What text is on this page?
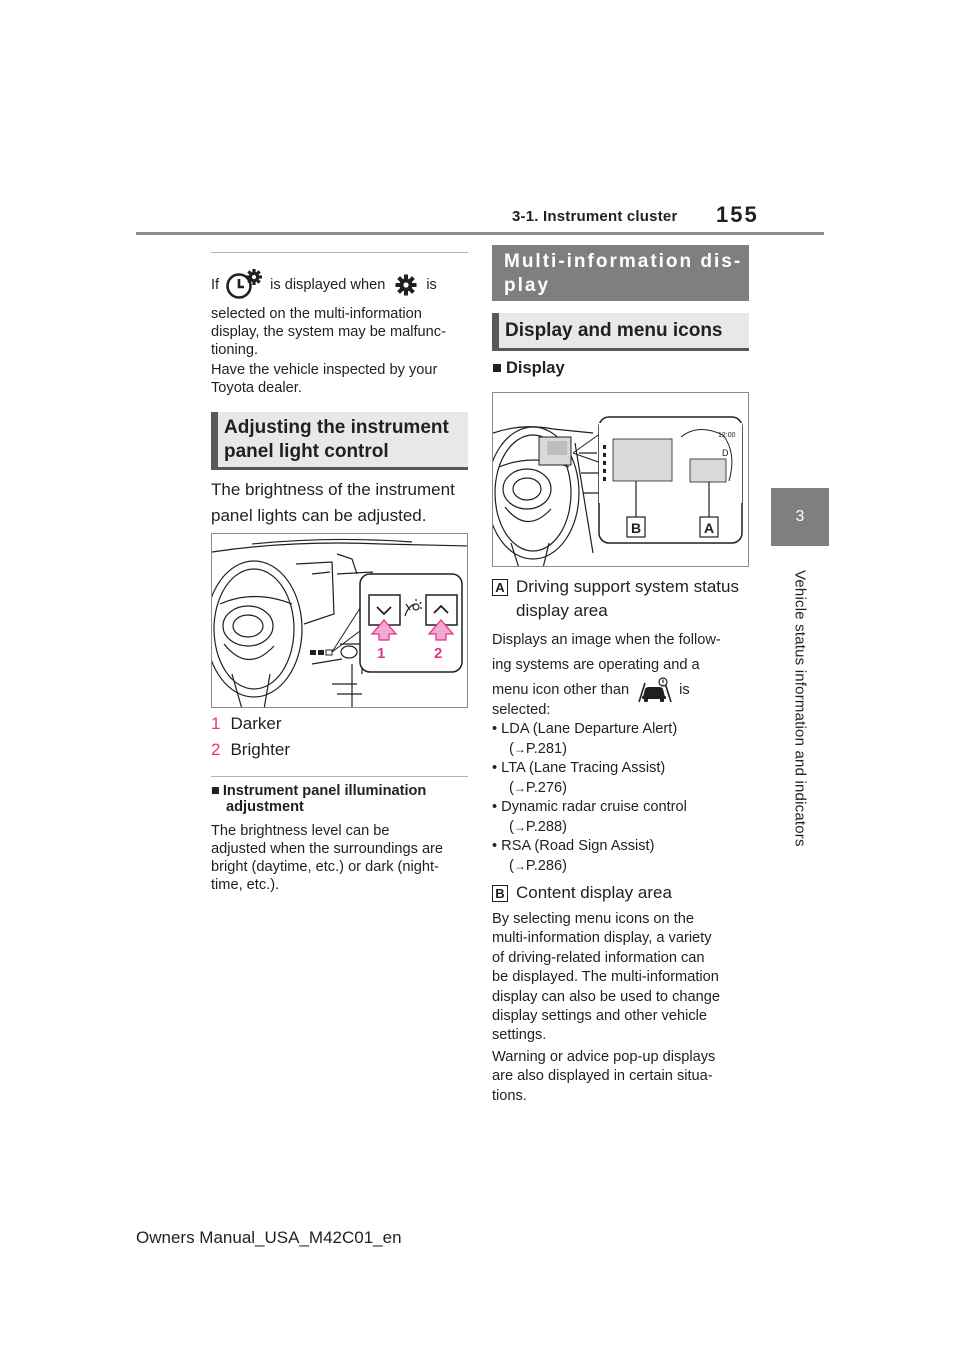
3-1. Instrument cluster 155
3
Vehicle status information and indicators
If	is displayed when	is
selected on the multi-information
display, the system may be malfunc-
tioning.
Have the vehicle inspected by your
Toyota dealer.
Adjusting the instrument
panel light control
The brightness of the instrument
panel lights can be adjusted.
1	2
1 Darker
2 Brighter
■ Instrument panel illumination
adjustment
The brightness level can be
adjusted when the surroundings are
bright (daytime, etc.) or dark (night-
time, etc.).
Multi-information dis-
play
Display and menu icons
■ Display
12:00
D
B	A
A Driving support system status
display area
Displays an image when the follow-
ing systems are operating and a
menu icon other than	is
selected:
• LDA (Lane Departure Alert)
(→P.281)
• LTA (Lane Tracing Assist)
(→P.276)
• Dynamic radar cruise control
(→P.288)
• RSA (Road Sign Assist)
(→P.286)
B Content display area
By selecting menu icons on the
multi-information display, a variety
of driving-related information can
be displayed. The multi-information
display can also be used to change
display settings and other vehicle
settings.
Warning or advice pop-up displays
are also displayed in certain situa-
tions.
Owners Manual_USA_M42C01_en
